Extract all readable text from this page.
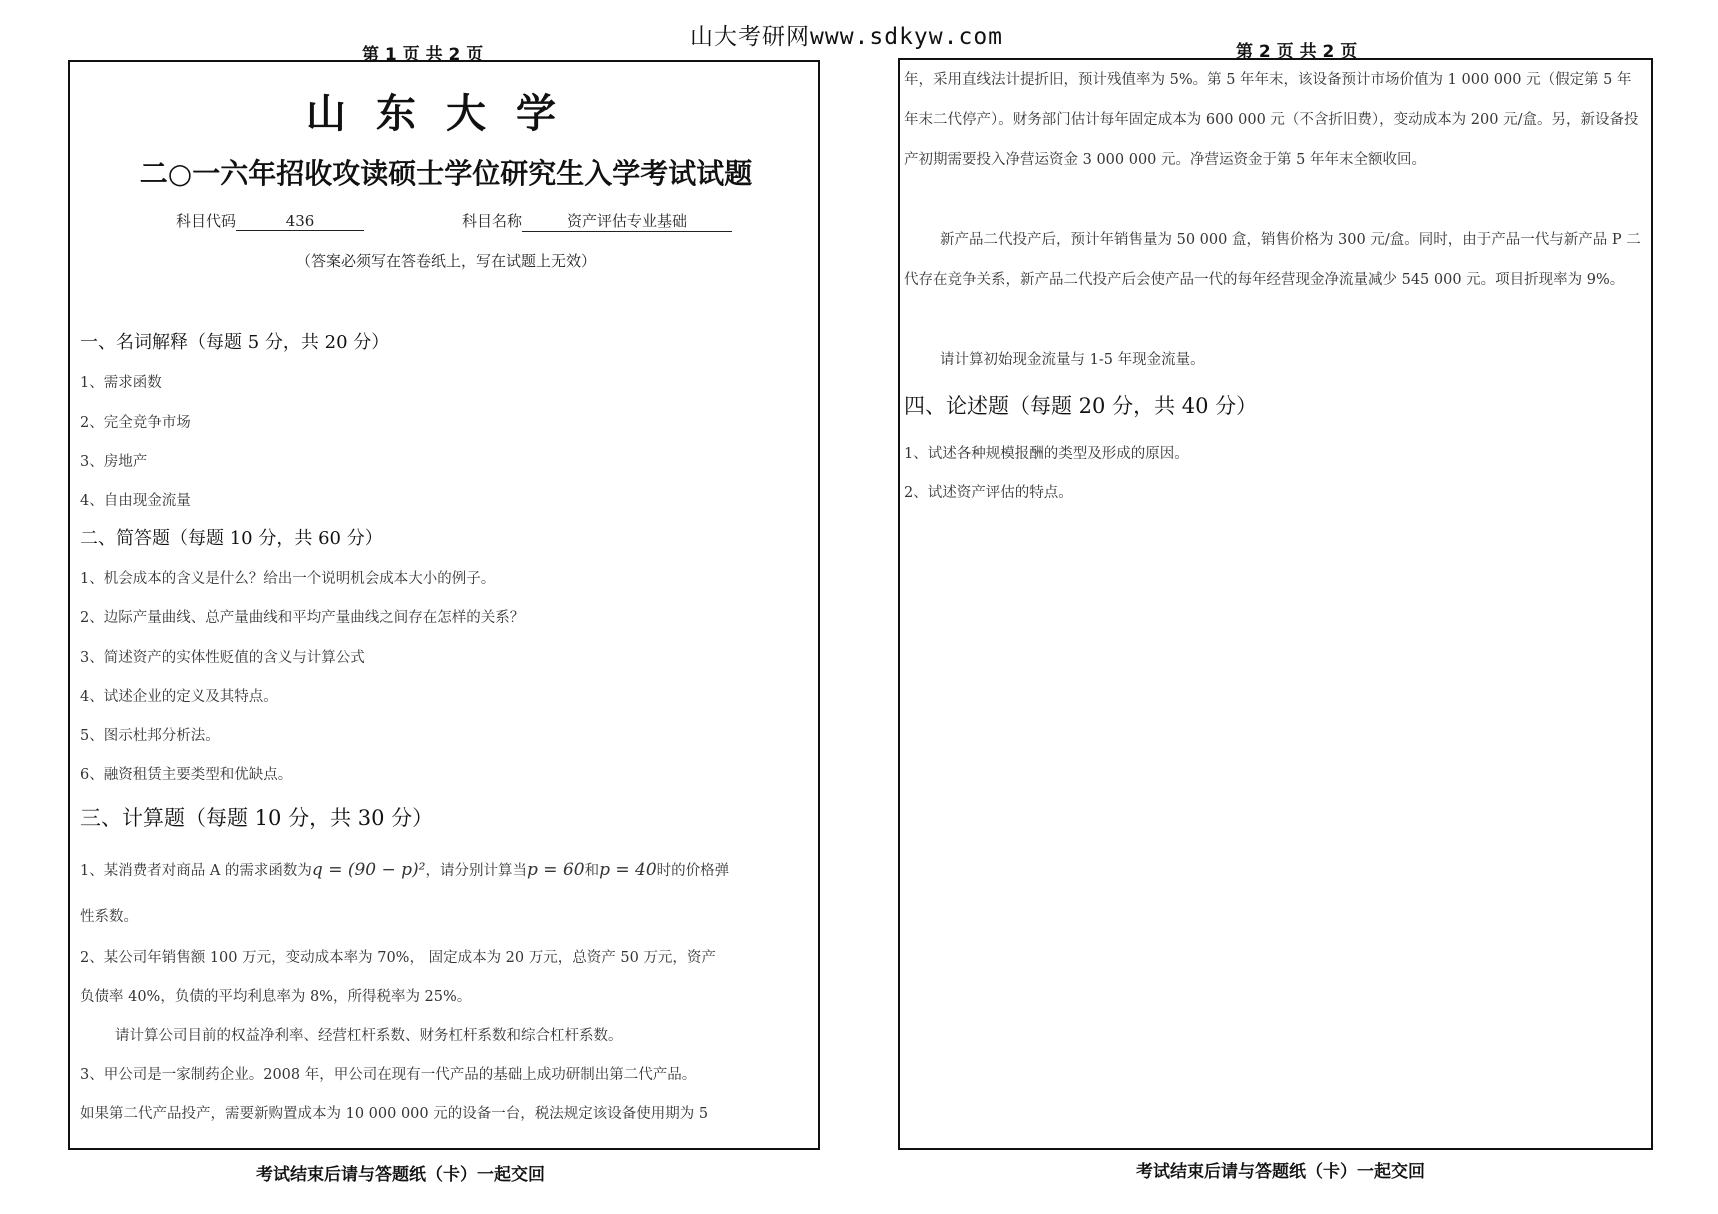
山大考研网www.sdkyw.com
第 1 页 共 2 页	第 2 页 共 2 页
山东大学
二○一六年招收攻读硕士学位研究生入学考试试题
科目代码	436	科目名称	资产评估专业基础
（答案必须写在答卷纸上，写在试题上无效）
一、名词解释（每题 5 分，共 20 分）
1、需求函数
2、完全竞争市场
3、房地产
4、自由现金流量
二、简答题（每题 10 分，共 60 分）
1、机会成本的含义是什么？给出一个说明机会成本大小的例子。
2、边际产量曲线、总产量曲线和平均产量曲线之间存在怎样的关系？
3、简述资产的实体性贬值的含义与计算公式
4、试述企业的定义及其特点。
5、图示杜邦分析法。
6、融资租赁主要类型和优缺点。
三、计算题（每题 10 分，共 30 分）
1、某消费者对商品 A 的需求函数为q = (90 − p)²，请分别计算当p = 60和p = 40时的价格弹
性系数。
2、某公司年销售额 100 万元，变动成本率为 70%， 固定成本为 20 万元，总资产 50 万元，资产
负债率 40%，负债的平均利息率为 8%，所得税率为 25%。
请计算公司目前的权益净利率、经营杠杆系数、财务杠杆系数和综合杠杆系数。
3、甲公司是一家制药企业。2008 年，甲公司在现有一代产品的基础上成功研制出第二代产品。
如果第二代产品投产，需要新购置成本为 10 000 000 元的设备一台，税法规定该设备使用期为 5
考试结束后请与答题纸（卡）一起交回
年，采用直线法计提折旧，预计残值率为 5%。第 5 年年末，该设备预计市场价值为 1 000 000 元（假定第 5 年年末二代停产）。财务部门估计每年固定成本为 600 000 元（不含折旧费），变动成本为 200 元/盒。另，新设备投产初期需要投入净营运资金 3 000 000 元。净营运资金于第 5 年年末全额收回。
新产品二代投产后，预计年销售量为 50 000 盒，销售价格为 300 元/盒。同时，由于产品一代与新产品 P 二代存在竞争关系，新产品二代投产后会使产品一代的每年经营现金净流量减少 545 000 元。项目折现率为 9%。
请计算初始现金流量与 1-5 年现金流量。
四、论述题（每题 20 分，共 40 分）
1、试述各种规模报酬的类型及形成的原因。
2、试述资产评估的特点。
考试结束后请与答题纸（卡）一起交回
